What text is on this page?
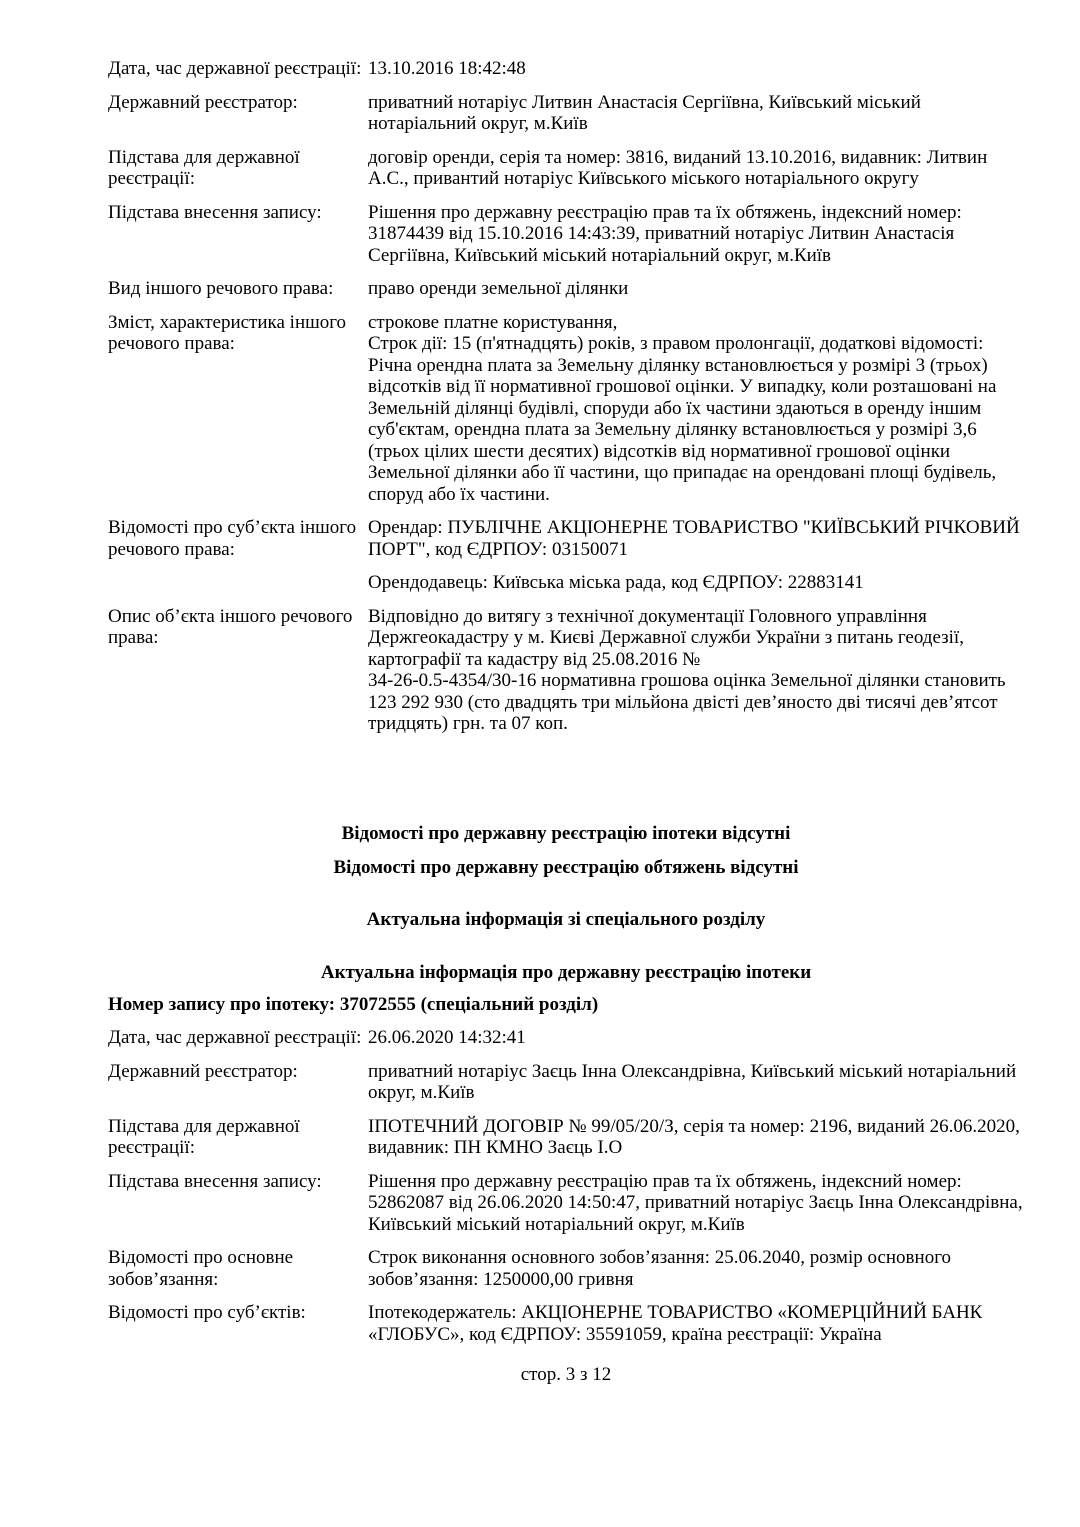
Дата, час державної реєстрації: 13.10.2016 18:42:48

Державний реєстратор:	приватний нотаріус Литвин Анастасія Сергіївна, Київський міський нотаріальний округ, м.Київ

Підстава для державної реєстрації:

договір оренди, серія та номер: 3816, виданий 13.10.2016, видавник: Литвин А.С., привантий нотаріус Київського міського нотаріального округу

Підстава внесення запису:	Рішення про державну реєстрацію прав та їх обтяжень, індексний номер: 31874439 від 15.10.2016 14:43:39, приватний нотаріус Литвин Анастасія Сергіївна, Київський міський нотаріальний округ, м.Київ

Вид іншого речового права:	право оренди земельної ділянки

Зміст, характеристика іншого речового права:

строкове платне користування,
Строк дії: 15 (п'ятнадцять) років, з правом пролонгації, додаткові відомості: Річна орендна плата за Земельну ділянку встановлюється у розмірі 3 (трьох) відсотків від її нормативної грошової оцінки. У випадку, коли розташовані на Земельній ділянці будівлі, споруди або їх частини здаються в оренду іншим суб'єктам, орендна плата за Земельну ділянку встановлюється у розмірі 3,6 (трьох цілих шести десятих) відсотків від нормативної грошової оцінки Земельної ділянки або її частини, що припадає на орендовані площі будівель, споруд або їх частини.

Відомості про суб’єкта іншого речового права:

Орендар: ПУБЛІЧНЕ АКЦІОНЕРНЕ ТОВАРИСТВО "КИЇВСЬКИЙ РІЧКОВИЙ ПОРТ", код ЄДРПОУ: 03150071

Орендодавець: Київська міська рада, код ЄДРПОУ: 22883141

Опис об’єкта іншого речового права:

Відповідно до витягу з технічної документації Головного управління Держгеокадастру у м. Києві Державної служби України з питань геодезії, картографії та кадастру від 25.08.2016 №
34-26-0.5-4354/30-16 нормативна грошова оцінка Земельної ділянки становить 123 292 930 (сто двадцять три мільйона двісті дев’яносто дві тисячі дев’ятсот тридцять) грн. та 07 коп.

Відомості про державну реєстрацію іпотеки відсутні
Відомості про державну реєстрацію обтяжень відсутні
Актуальна інформація зі спеціального розділу
Актуальна інформація про державну реєстрацію іпотеки
Номер запису про іпотеку: 37072555 (спеціальний розділ)
Дата, час державної реєстрації: 26.06.2020 14:32:41

Державний реєстратор:	приватний нотаріус Заєць Інна Олександрівна, Київський міський нотаріальний округ, м.Київ

Підстава для державної реєстрації:

ІПОТЕЧНИЙ ДОГОВІР № 99/05/20/З, серія та номер: 2196, виданий 26.06.2020, видавник: ПН КМНО Заєць І.О

Підстава внесення запису:	Рішення про державну реєстрацію прав та їх обтяжень, індексний номер: 52862087 від 26.06.2020 14:50:47, приватний нотаріус Заєць Інна Олександрівна, Київський міський нотаріальний округ, м.Київ

Відомості про основне зобов’язання:

Строк виконання основного зобов’язання: 25.06.2040, розмір основного зобов’язання: 1250000,00 гривня

Відомості про суб’єктів:	Іпотекодержатель: АКЦІОНЕРНЕ ТОВАРИСТВО «КОМЕРЦІЙНИЙ БАНК «ГЛОБУС», код ЄДРПОУ: 35591059, країна реєстрації: Україна

стор. 3 з 12
